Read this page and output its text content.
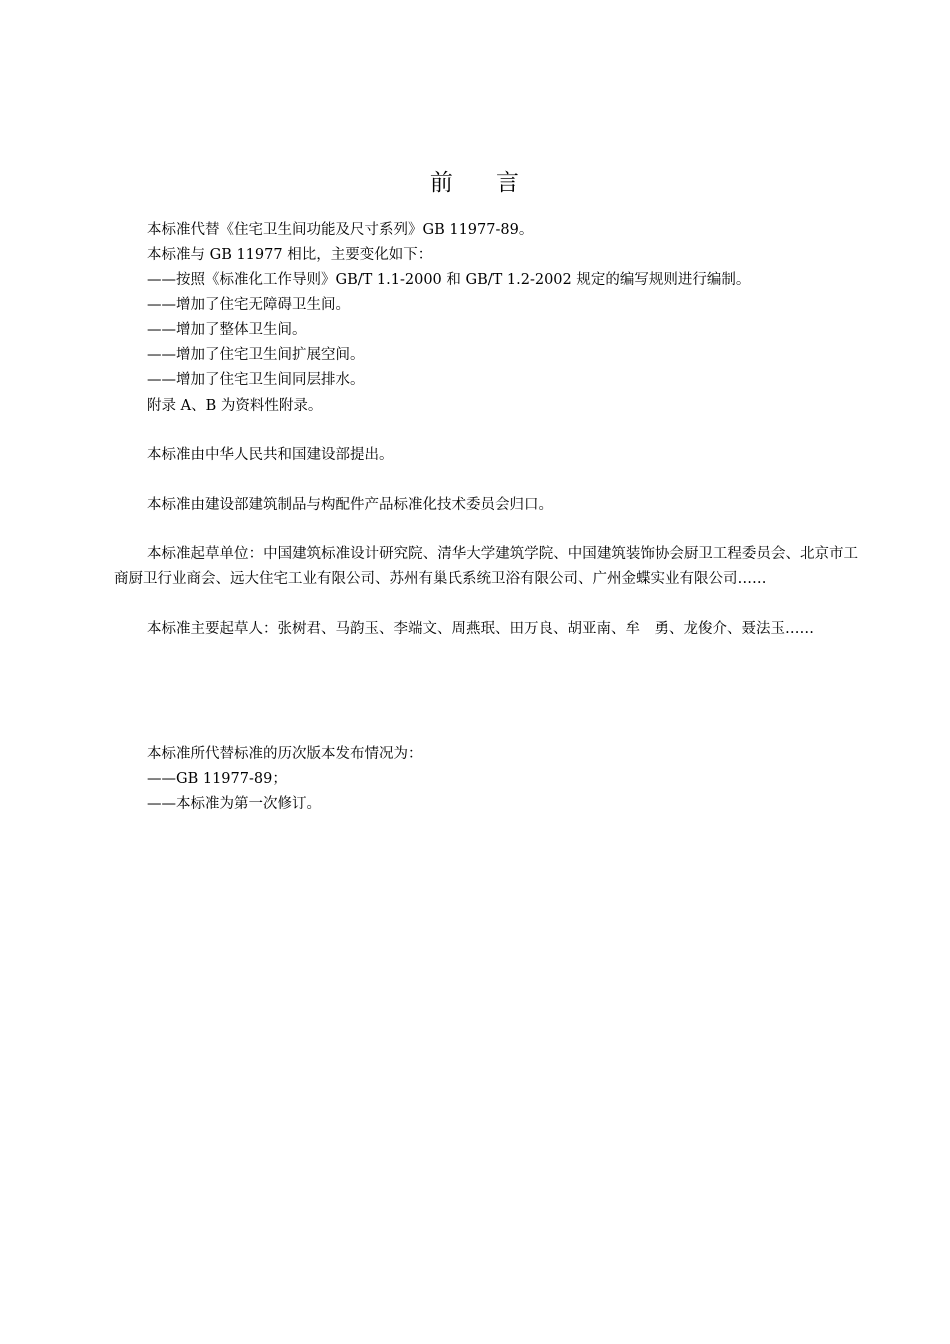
前 言
本标准代替《住宅卫生间功能及尺寸系列》GB 11977-89。
本标准与 GB 11977 相比，主要变化如下：
——按照《标准化工作导则》GB/T 1.1-2000 和 GB/T 1.2-2002 规定的编写规则进行编制。
——增加了住宅无障碍卫生间。
——增加了整体卫生间。
——增加了住宅卫生间扩展空间。
——增加了住宅卫生间同层排水。
附录 A、B 为资料性附录。
本标准由中华人民共和国建设部提出。
本标准由建设部建筑制品与构配件产品标准化技术委员会归口。
本标准起草单位：中国建筑标准设计研究院、清华大学建筑学院、中国建筑装饰协会厨卫工程委员会、北京市工商厨卫行业商会、远大住宅工业有限公司、苏州有巢氏系统卫浴有限公司、广州金蝶实业有限公司……
本标准主要起草人：张树君、马韵玉、李端文、周燕珉、田万良、胡亚南、牟　勇、龙俊介、聂法玉……
本标准所代替标准的历次版本发布情况为：
——GB 11977-89；
——本标准为第一次修订。
